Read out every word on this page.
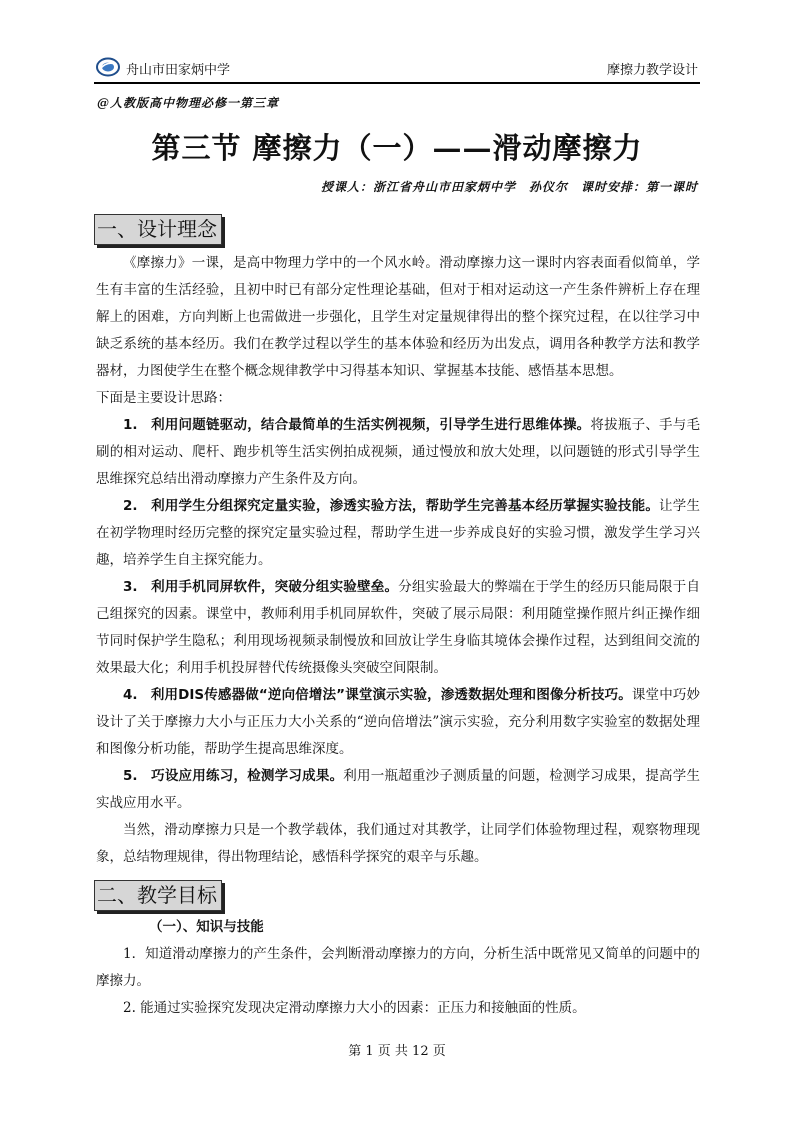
舟山市田家炳中学	摩擦力教学设计
@人教版高中物理必修一第三章
第三节 摩擦力（一）——滑动摩擦力
授课人：浙江省舟山市田家炳中学　孙仪尔　课时安排：第一课时
一、设计理念

《摩擦力》一课，是高中物理力学中的一个风水岭。滑动摩擦力这一课时内容表面看似简单，学生有丰富的生活经验，且初中时已有部分定性理论基础，但对于相对运动这一产生条件辨析上存在理解上的困难，方向判断上也需做进一步强化，且学生对定量规律得出的整个探究过程，在以往学习中缺乏系统的基本经历。我们在教学过程以学生的基本体验和经历为出发点，调用各种教学方法和教学器材，力图使学生在整个概念规律教学中习得基本知识、掌握基本技能、感悟基本思想。

下面是主要设计思路：

1. 利用问题链驱动，结合最简单的生活实例视频，引导学生进行思维体操。将拔瓶子、手与毛刷的相对运动、爬杆、跑步机等生活实例拍成视频，通过慢放和放大处理，以问题链的形式引导学生思维探究总结出滑动摩擦力产生条件及方向。

2. 利用学生分组探究定量实验，渗透实验方法，帮助学生完善基本经历掌握实验技能。让学生在初学物理时经历完整的探究定量实验过程，帮助学生进一步养成良好的实验习惯，激发学生学习兴趣，培养学生自主探究能力。

3. 利用手机同屏软件，突破分组实验壁垒。分组实验最大的弊端在于学生的经历只能局限于自己组探究的因素。课堂中，教师利用手机同屏软件，突破了展示局限：利用随堂操作照片纠正操作细节同时保护学生隐私；利用现场视频录制慢放和回放让学生身临其境体会操作过程，达到组间交流的效果最大化；利用手机投屏替代传统摄像头突破空间限制。

4. 利用DIS传感器做“逆向倍增法”课堂演示实验，渗透数据处理和图像分析技巧。课堂中巧妙设计了关于摩擦力大小与正压力大小关系的“逆向倍增法”演示实验，充分利用数字实验室的数据处理和图像分析功能，帮助学生提高思维深度。

5. 巧设应用练习，检测学习成果。利用一瓶超重沙子测质量的问题，检测学习成果，提高学生实战应用水平。

当然，滑动摩擦力只是一个教学载体，我们通过对其教学，让同学们体验物理过程，观察物理现象，总结物理规律，得出物理结论，感悟科学探究的艰辛与乐趣。

二、教学目标

（一）、知识与技能

1．知道滑动摩擦力的产生条件，会判断滑动摩擦力的方向，分析生活中既常见又简单的问题中的摩擦力。

2. 能通过实验探究发现决定滑动摩擦力大小的因素：正压力和接触面的性质。

第 1 页 共 12 页
